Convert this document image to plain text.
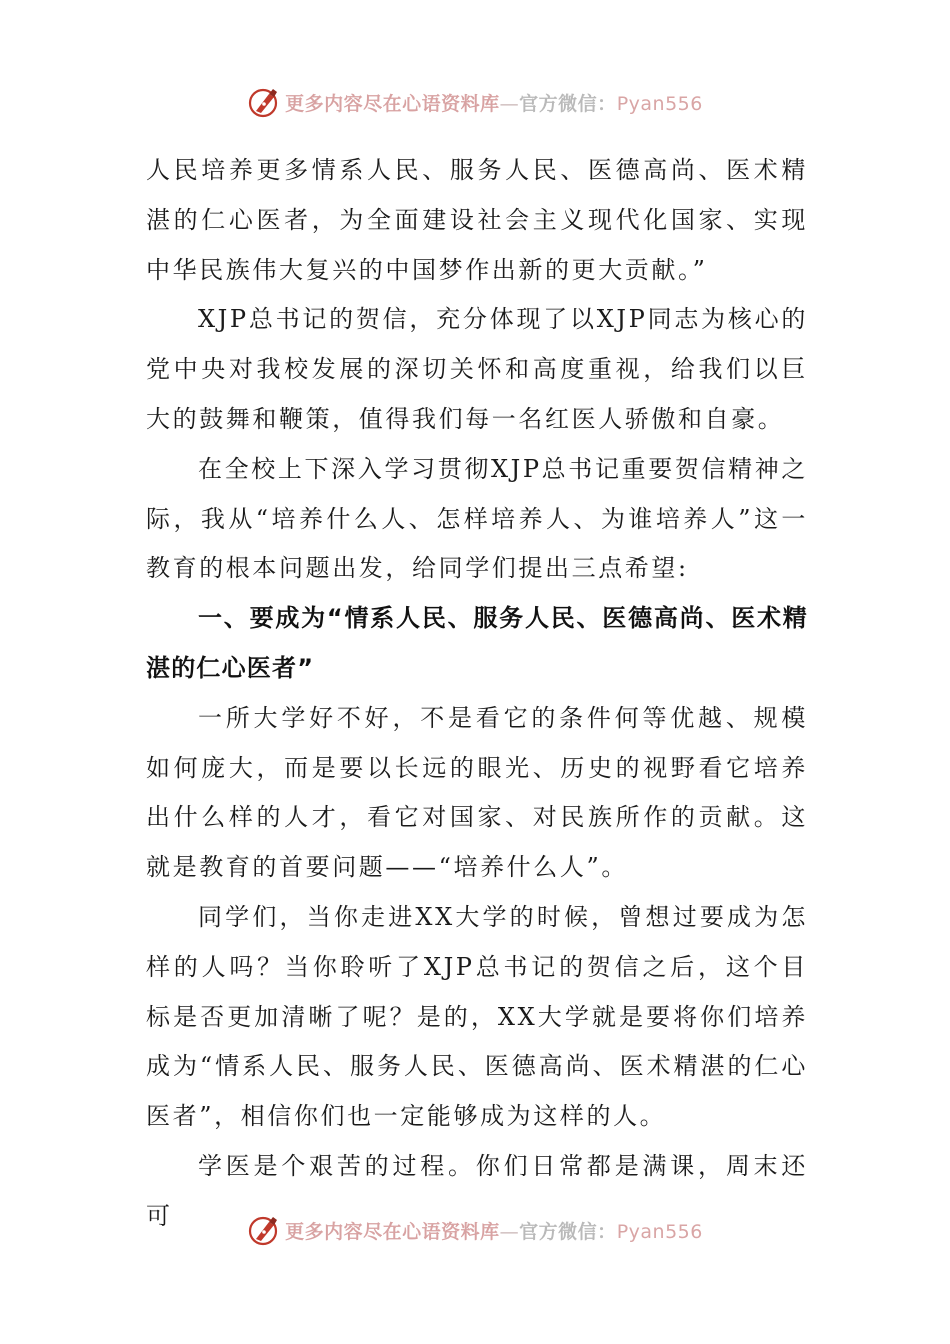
更多内容尽在心语资料库—官方微信：Pyan556

人民培养更多情系人民、服务人民、医德高尚、医术精湛的仁心医者，为全面建设社会主义现代化国家、实现中华民族伟大复兴的中国梦作出新的更大贡献。”

XJP总书记的贺信，充分体现了以XJP同志为核心的党中央对我校发展的深切关怀和高度重视，给我们以巨大的鼓舞和鞭策，值得我们每一名红医人骄傲和自豪。

在全校上下深入学习贯彻XJP总书记重要贺信精神之际，我从“培养什么人、怎样培养人、为谁培养人”这一教育的根本问题出发，给同学们提出三点希望:

一、要成为“情系人民、服务人民、医德高尚、医术精湛的仁心医者”

一所大学好不好，不是看它的条件何等优越、规模如何庞大，而是要以长远的眼光、历史的视野看它培养出什么样的人才，看它对国家、对民族所作的贡献。这就是教育的首要问题——“培养什么人”。

同学们，当你走进XX大学的时候，曾想过要成为怎样的人吗？当你聆听了XJP总书记的贺信之后，这个目标是否更加清晰了呢？是的，XX大学就是要将你们培养成为“情系人民、服务人民、医德高尚、医术精湛的仁心医者”，相信你们也一定能够成为这样的人。

学医是个艰苦的过程。你们日常都是满课，周末还可

更多内容尽在心语资料库—官方微信：Pyan556
